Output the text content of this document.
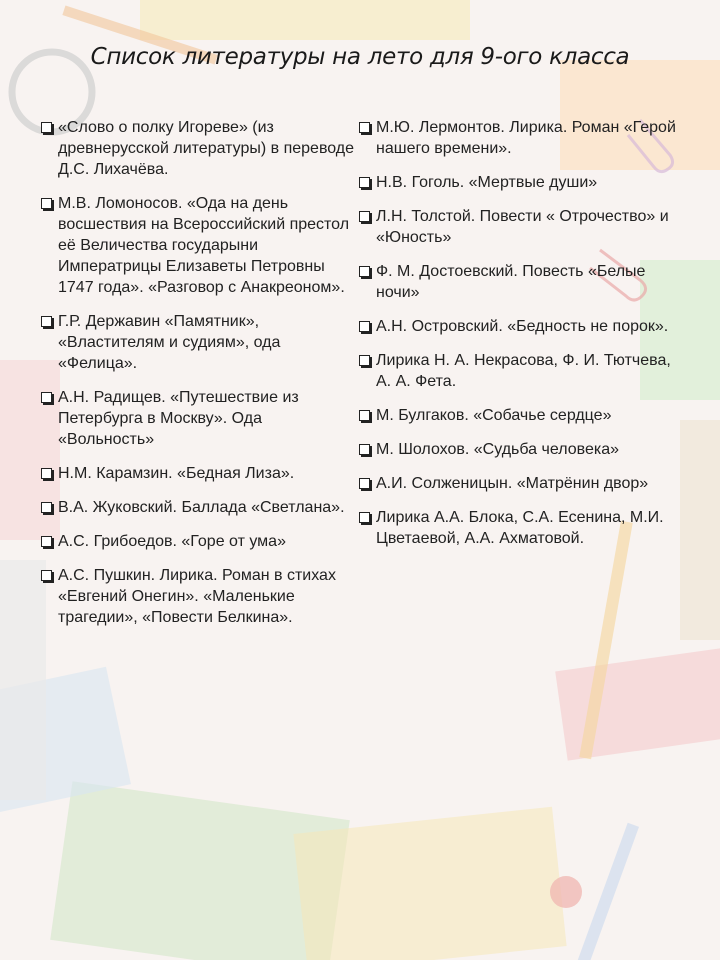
Список литературы на лето для 9-ого класса
«Слово о полку Игореве» (из древнерусской литературы) в переводе Д.С. Лихачёва.
М.В. Ломоносов. «Ода на день восшествия на Всероссийский престол её Величества государыни Императрицы Елизаветы Петровны 1747 года». «Разговор с Анакреоном».
Г.Р. Державин «Памятник», «Властителям и судиям», ода «Фелица».
А.Н. Радищев. «Путешествие из Петербурга в Москву». Ода «Вольность»
Н.М. Карамзин. «Бедная Лиза».
В.А. Жуковский. Баллада «Светлана».
А.С. Грибоедов. «Горе от ума»
А.С. Пушкин. Лирика. Роман в стихах «Евгений Онегин». «Маленькие трагедии», «Повести Белкина».
М.Ю. Лермонтов. Лирика. Роман «Герой нашего времени».
Н.В. Гоголь. «Мертвые души»
Л.Н. Толстой. Повести « Отрочество» и «Юность»
Ф. М. Достоевский. Повесть «Белые ночи»
А.Н. Островский. «Бедность не порок».
Лирика Н. А. Некрасова, Ф. И. Тютчева, А. А. Фета.
М. Булгаков. «Собачье сердце»
М. Шолохов. «Судьба человека»
А.И. Солженицын. «Матрёнин двор»
Лирика А.А. Блока, С.А. Есенина, М.И. Цветаевой, А.А. Ахматовой.
